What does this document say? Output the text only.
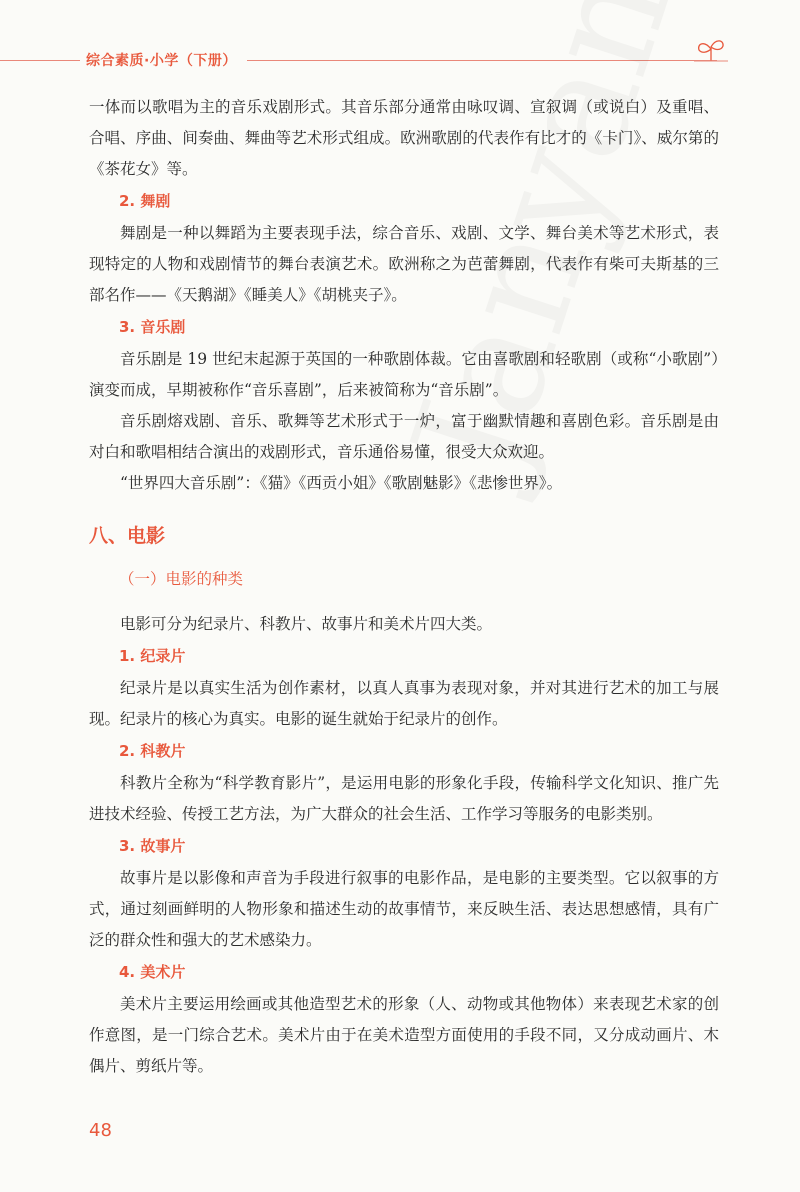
综合素质·小学（下册）

一体而以歌唱为主的音乐戏剧形式。其音乐部分通常由咏叹调、宣叙调（或说白）及重唱、合唱、序曲、间奏曲、舞曲等艺术形式组成。欧洲歌剧的代表作有比才的《卡门》、威尔第的《茶花女》等。

2. 舞剧

舞剧是一种以舞蹈为主要表现手法，综合音乐、戏剧、文学、舞台美术等艺术形式，表现特定的人物和戏剧情节的舞台表演艺术。欧洲称之为芭蕾舞剧，代表作有柴可夫斯基的三部名作——《天鹅湖》《睡美人》《胡桃夹子》。

3. 音乐剧

音乐剧是 19 世纪末起源于英国的一种歌剧体裁。它由喜歌剧和轻歌剧（或称“小歌剧”）演变而成，早期被称作“音乐喜剧”，后来被简称为“音乐剧”。

音乐剧熔戏剧、音乐、歌舞等艺术形式于一炉，富于幽默情趣和喜剧色彩。音乐剧是由对白和歌唱相结合演出的戏剧形式，音乐通俗易懂，很受大众欢迎。

“世界四大音乐剧”：《猫》《西贡小姐》《歌剧魅影》《悲惨世界》。

八、电影

（一）电影的种类

电影可分为纪录片、科教片、故事片和美术片四大类。

1. 纪录片

纪录片是以真实生活为创作素材，以真人真事为表现对象，并对其进行艺术的加工与展现。纪录片的核心为真实。电影的诞生就始于纪录片的创作。

2. 科教片

科教片全称为“科学教育影片”，是运用电影的形象化手段，传输科学文化知识、推广先进技术经验、传授工艺方法，为广大群众的社会生活、工作学习等服务的电影类别。

3. 故事片

故事片是以影像和声音为手段进行叙事的电影作品，是电影的主要类型。它以叙事的方式，通过刻画鲜明的人物形象和描述生动的故事情节，来反映生活、表达思想感情，具有广泛的群众性和强大的艺术感染力。

4. 美术片

美术片主要运用绘画或其他造型艺术的形象（人、动物或其他物体）来表现艺术家的创作意图，是一门综合艺术。美术片由于在美术造型方面使用的手段不同，又分成动画片、木偶片、剪纸片等。

48
